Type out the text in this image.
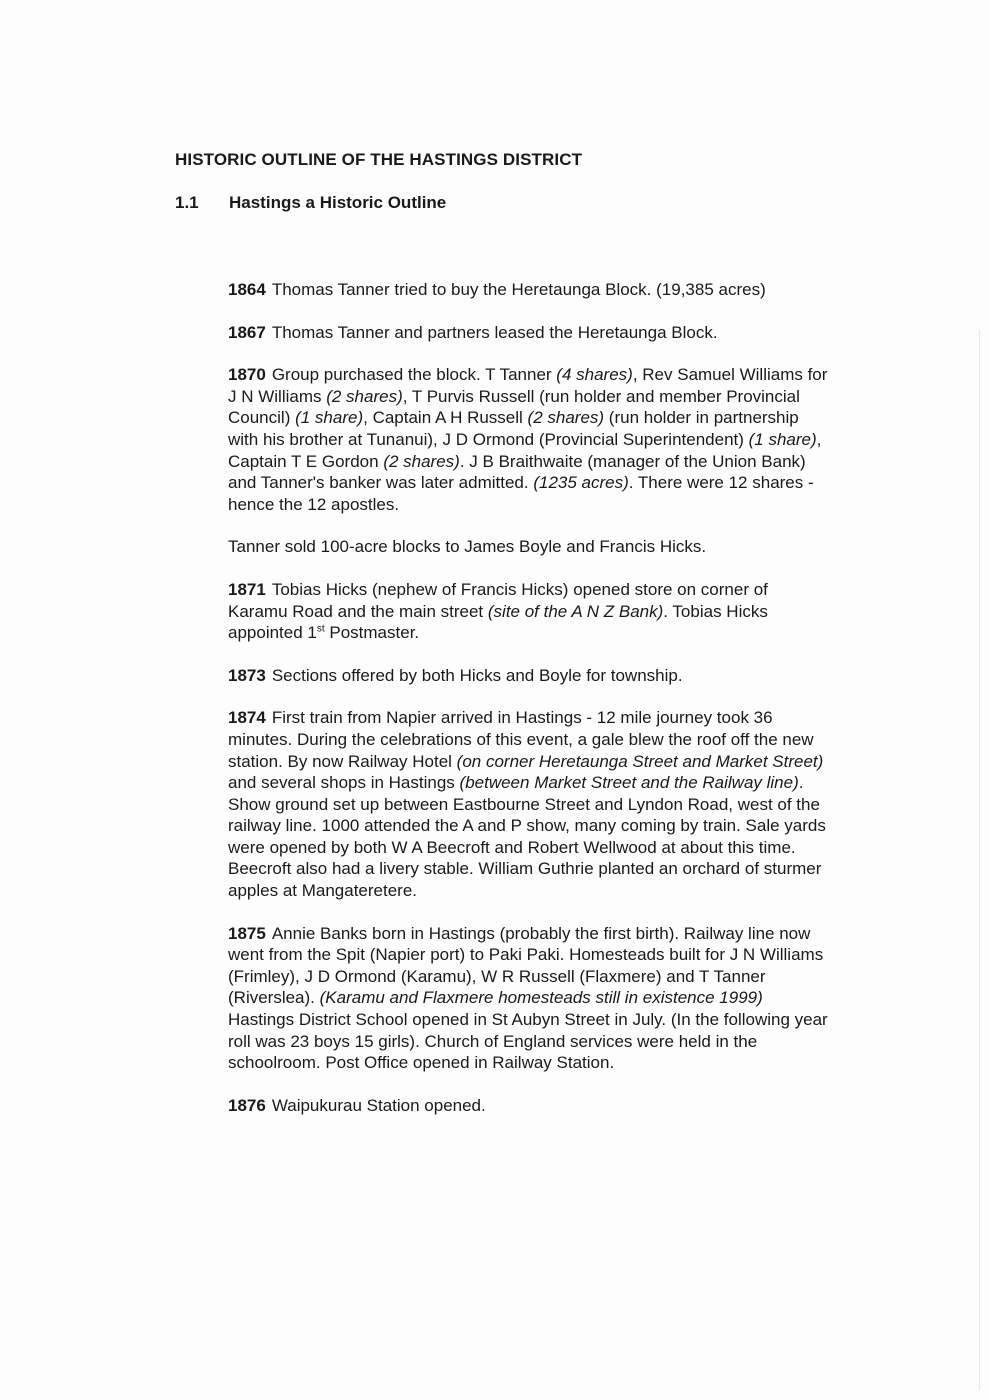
HISTORIC OUTLINE OF THE HASTINGS DISTRICT
1.1 Hastings a Historic Outline

1864 Thomas Tanner tried to buy the Heretaunga Block. (19,385 acres)

1867 Thomas Tanner and partners leased the Heretaunga Block.

1870 Group purchased the block. T Tanner (4 shares), Rev Samuel Williams for J N Williams (2 shares), T Purvis Russell (run holder and member Provincial Council) (1 share), Captain A H Russell (2 shares) (run holder in partnership with his brother at Tunanui), J D Ormond (Provincial Superintendent) (1 share), Captain T E Gordon (2 shares). J B Braithwaite (manager of the Union Bank) and Tanner's banker was later admitted. (1235 acres). There were 12 shares - hence the 12 apostles.

Tanner sold 100-acre blocks to James Boyle and Francis Hicks.

1871 Tobias Hicks (nephew of Francis Hicks) opened store on corner of Karamu Road and the main street (site of the A N Z Bank). Tobias Hicks appointed 1st Postmaster.

1873 Sections offered by both Hicks and Boyle for township.

1874 First train from Napier arrived in Hastings - 12 mile journey took 36 minutes. During the celebrations of this event, a gale blew the roof off the new station. By now Railway Hotel (on corner Heretaunga Street and Market Street) and several shops in Hastings (between Market Street and the Railway line). Show ground set up between Eastbourne Street and Lyndon Road, west of the railway line. 1000 attended the A and P show, many coming by train. Sale yards were opened by both W A Beecroft and Robert Wellwood at about this time. Beecroft also had a livery stable. William Guthrie planted an orchard of sturmer apples at Mangateretere.

1875 Annie Banks born in Hastings (probably the first birth). Railway line now went from the Spit (Napier port) to Paki Paki. Homesteads built for J N Williams (Frimley), J D Ormond (Karamu), W R Russell (Flaxmere) and T Tanner (Riverslea). (Karamu and Flaxmere homesteads still in existence 1999) Hastings District School opened in St Aubyn Street in July. (In the following year roll was 23 boys 15 girls). Church of England services were held in the schoolroom. Post Office opened in Railway Station.

1876 Waipukurau Station opened.
